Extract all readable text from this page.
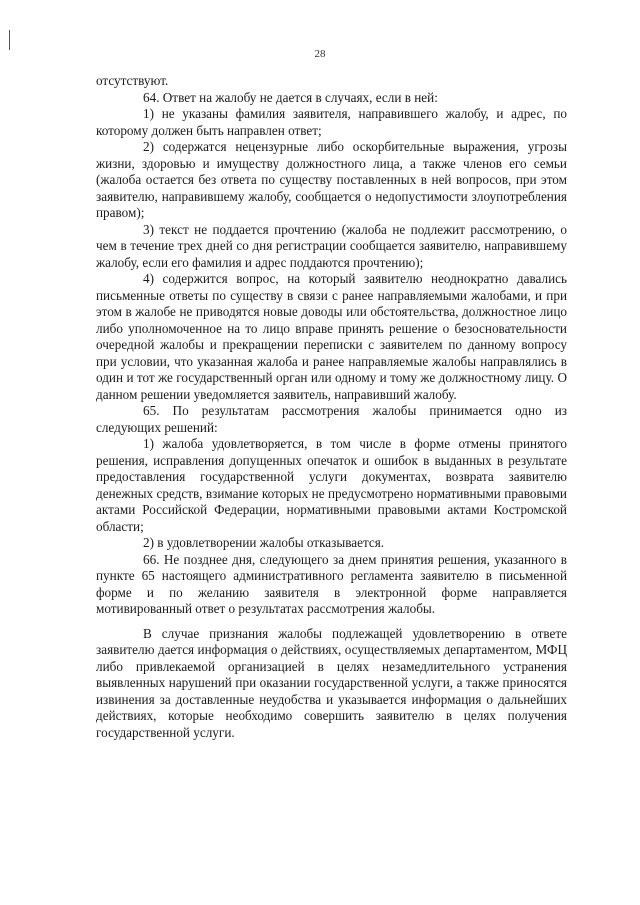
28

отсутствуют.

64. Ответ на жалобу не дается в случаях, если в ней:

1) не указаны фамилия заявителя, направившего жалобу, и адрес, по которому должен быть направлен ответ;

2) содержатся нецензурные либо оскорбительные выражения, угрозы жизни, здоровью и имуществу должностного лица, а также членов его семьи (жалоба остается без ответа по существу поставленных в ней вопросов, при этом заявителю, направившему жалобу, сообщается о недопустимости злоупотребления правом);

3) текст не поддается прочтению (жалоба не подлежит рассмотрению, о чем в течение трех дней со дня регистрации сообщается заявителю, направившему жалобу, если его фамилия и адрес поддаются прочтению);

4) содержится вопрос, на который заявителю неоднократно давались письменные ответы по существу в связи с ранее направляемыми жалобами, и при этом в жалобе не приводятся новые доводы или обстоятельства, должностное лицо либо уполномоченное на то лицо вправе принять решение о безосновательности очередной жалобы и прекращении переписки с заявителем по данному вопросу при условии, что указанная жалоба и ранее направляемые жалобы направлялись в один и тот же государственный орган или одному и тому же должностному лицу. О данном решении уведомляется заявитель, направивший жалобу.

65. По результатам рассмотрения жалобы принимается одно из следующих решений:

1) жалоба удовлетворяется, в том числе в форме отмены принятого решения, исправления допущенных опечаток и ошибок в выданных в результате предоставления государственной услуги документах, возврата заявителю денежных средств, взимание которых не предусмотрено нормативными правовыми актами Российской Федерации, нормативными правовыми актами Костромской области;

2) в удовлетворении жалобы отказывается.

66. Не позднее дня, следующего за днем принятия решения, указанного в пункте 65 настоящего административного регламента заявителю в письменной форме и по желанию заявителя в электронной форме направляется мотивированный ответ о результатах рассмотрения жалобы.

В случае признания жалобы подлежащей удовлетворению в ответе заявителю дается информация о действиях, осуществляемых департаментом, МФЦ либо привлекаемой организацией в целях незамедлительного устранения выявленных нарушений при оказании государственной услуги, а также приносятся извинения за доставленные неудобства и указывается информация о дальнейших действиях, которые необходимо совершить заявителю в целях получения государственной услуги.
